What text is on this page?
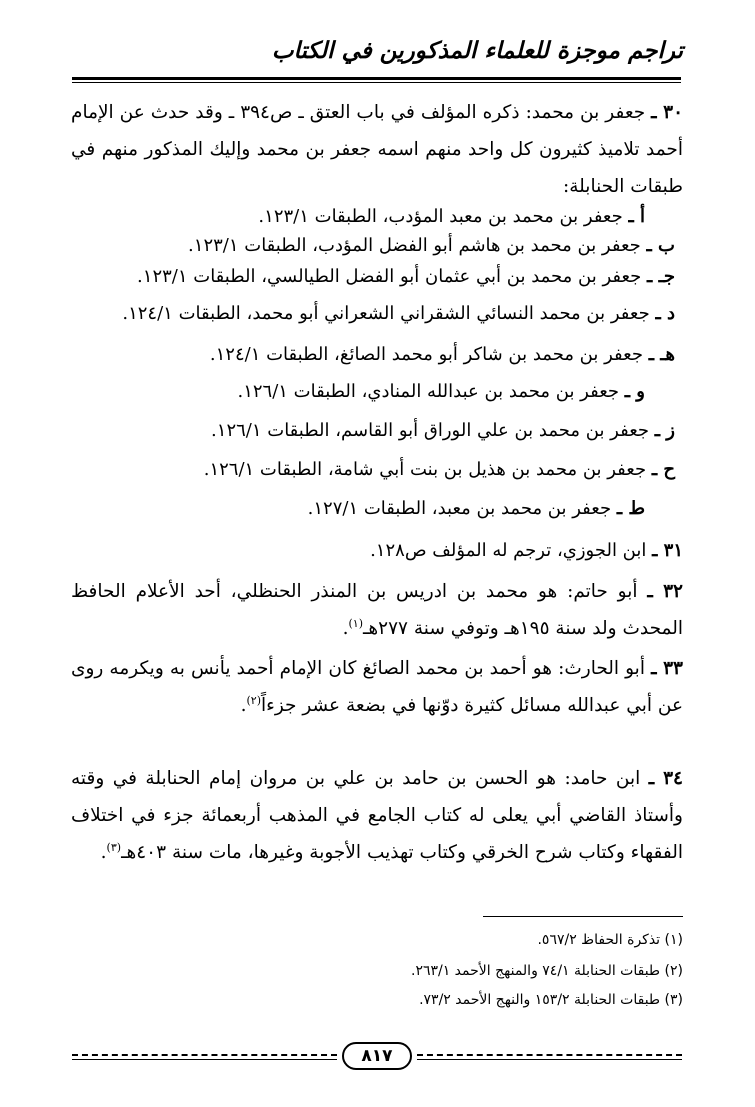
تراجم موجزة للعلماء المذكورين في الكتاب
٣٠ ـ جعفر بن محمد: ذكره المؤلف في باب العتق ـ ص٣٩٤ ـ وقد حدث عن الإمام أحمد تلاميذ كثيرون كل واحد منهم اسمه جعفر بن محمد وإليك المذكور منهم في طبقات الحنابلة:
أ ـ جعفر بن محمد بن معبد المؤدب، الطبقات ١٢٣/١.
ب ـ جعفر بن محمد بن هاشم أبو الفضل المؤدب، الطبقات ١٢٣/١.
جـ ـ جعفر بن محمد بن أبي عثمان أبو الفضل الطيالسي، الطبقات ١٢٣/١.
د ـ جعفر بن محمد النسائي الشقراني الشعراني أبو محمد، الطبقات ١٢٤/١.
هـ ـ جعفر بن محمد بن شاكر أبو محمد الصائغ، الطبقات ١٢٤/١.
و ـ جعفر بن محمد بن عبدالله المنادي، الطبقات ١٢٦/١.
ز ـ جعفر بن محمد بن علي الوراق أبو القاسم، الطبقات ١٢٦/١.
ح ـ جعفر بن محمد بن هذيل بن بنت أبي شامة، الطبقات ١٢٦/١.
ط ـ جعفر بن محمد بن معبد، الطبقات ١٢٧/١.
٣١ ـ ابن الجوزي، ترجم له المؤلف ص١٢٨.
٣٢ ـ أبو حاتم: هو محمد بن ادريس بن المنذر الحنظلي، أحد الأعلام الحافظ المحدث ولد سنة ١٩٥هـ وتوفي سنة ٢٧٧هـ$^{(١)}$.
٣٣ ـ أبو الحارث: هو أحمد بن محمد الصائغ كان الإمام أحمد يأنس به ويكرمه روى عن أبي عبدالله مسائل كثيرة دوّنها في بضعة عشر جزءاً$^{(٢)}$.
٣٤ ـ ابن حامد: هو الحسن بن حامد بن علي بن مروان إمام الحنابلة في وقته وأستاذ القاضي أبي يعلى له كتاب الجامع في المذهب أربعمائة جزء في اختلاف الفقهاء وكتاب شرح الخرقي وكتاب تهذيب الأجوبة وغيرها، مات سنة ٤٠٣هـ$^{(٣)}$.
(١) تذكرة الحفاظ ٥٦٧/٢.
(٢) طبقات الحنابلة ٧٤/١ والمنهج الأحمد ٢٦٣/١.
(٣) طبقات الحنابلة ١٥٣/٢ والنهج الأحمد ٧٣/٢.
٨١٧
